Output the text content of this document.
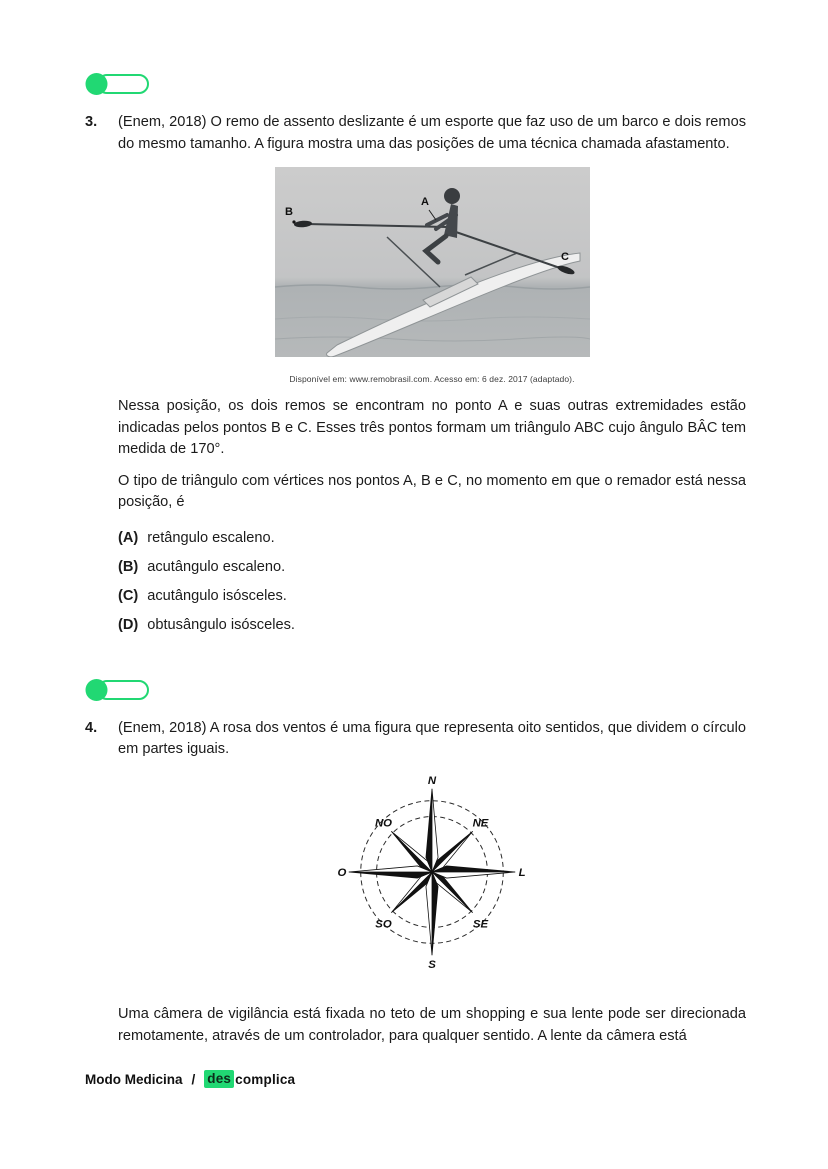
3.	(Enem, 2018) O remo de assento deslizante é um esporte que faz uso de um barco e dois remos do mesmo tamanho. A figura mostra uma das posições de uma técnica chamada afastamento.

A
B
C
Disponível em: www.remobrasil.com. Acesso em: 6 dez. 2017 (adaptado).

Nessa posição, os dois remos se encontram no ponto A e suas outras extremidades estão indicadas pelos pontos B e C. Esses três pontos formam um triângulo ABC cujo ângulo BÂC tem medida de 170°.

O tipo de triângulo com vértices nos pontos A, B e C, no momento em que o remador está nessa posição, é

(A) retângulo escaleno.
(B) acutângulo escaleno.
(C) acutângulo isósceles.
(D) obtusângulo isósceles.
4.	(Enem, 2018) A rosa dos ventos é uma figura que representa oito sentidos, que dividem o círculo em partes iguais.

N
NE
L
SE
S
SO
O
NO

Uma câmera de vigilância está fixada no teto de um shopping e sua lente pode ser direcionada remotamente, através de um controlador, para qualquer sentido. A lente da câmera está

Modo Medicina / des complica
